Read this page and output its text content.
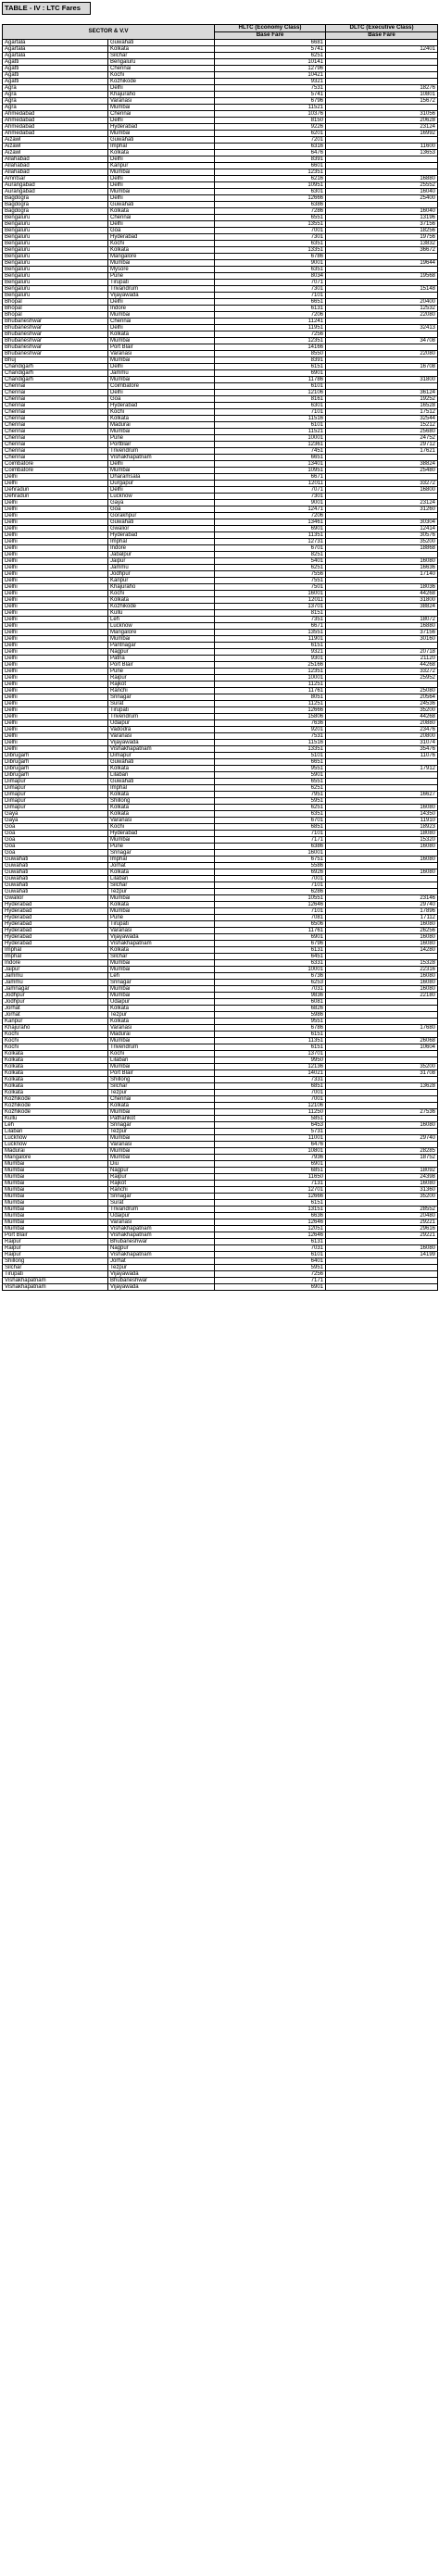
TABLE - IV : LTC Fares
SECTOR & V.V		HLTC (Economy Class)	DLTC (Executive Class)
		Base Fare	Base Fare
Agartala	Guwahati	6681	
Agartala	Kolkata	5741	12401
Agartala	Silchar	6251	
Agatti	Bengaluru	10141	
Agatti	Chennai	12796	
Agatti	Kochi	10421	
Agatti	Kozhikode	9321	
Agra	Delhi	7531	18276
Agra	Khajuraho	5741	10801
Agra	Varanasi	6796	15672
Agra	Mumbai	11521	
Ahmedabad	Chennai	10376	31056
Ahmedabad	Delhi	8150	20628
Ahmedabad	Hyderabad	9226	23124
Ahmedabad	Mumbai	6201	16992
Aizawl	Guwahati	7201	
Aizawl	Imphal	6316	11600
Aizawl	Kolkata	6476	13653
Allahabad	Delhi	8391	
Allahabad	Kanpur	6601	
Allahabad	Mumbai	12351	
Amritsar	Delhi	6216	16880
Aurangabad	Delhi	10951	25552
Aurangabad	Mumbai	6301	16040
Bagdogra	Delhi	12666	25400
Bagdogra	Guwahati	6386	
Bagdogra	Kolkata	7286	16040
Bengaluru	Chennai	6551	13196
Bengaluru	Delhi	13551	37156
Bengaluru	Goa	7001	18256
Bengaluru	Hyderabad	7301	19756
Bengaluru	Kochi	6351	13832
Bengaluru	Kolkata	13351	36672
Bengaluru	Mangalore	6786	
Bengaluru	Mumbai	9001	19644
Bengaluru	Mysore	6351	
Bengaluru	Pune	8034	19568
Bengaluru	Tirupati	7071	
Bengaluru	Trivandrum	7301	15148
Bengaluru	Vijayawada	7101	
Bhopal	Delhi	6651	20400
Bhopal	Indore	6131	12532
Bhopal	Mumbai	7206	22080
Bhubaneshwar	Chennai	11241	
Bhubaneshwar	Delhi	11951	32413
Bhubaneshwar	Kolkata	7256	
Bhubaneshwar	Mumbai	12351	34708
Bhubaneshwar	Port Blair	14166	
Bhubaneshwar	Varanasi	8550	22080
Bhuj	Mumbai	8391	
Chandigarh	Delhi	6151	16708
Chandigarh	Jammu	6901	
Chandigarh	Mumbai	11786	31800
Chennai	Coimbatore	6101	
Chennai	Delhi	12106	36124
Chennai	Goa	8161	19252
Chennai	Hyderabad	6301	16528
Chennai	Kochi	7101	17512
Chennai	Kolkata	11516	32544
Chennai	Madurai	6101	15212
Chennai	Mumbai	11521	25680
Chennai	Pune	10001	24752
Chennai	Portblair	12361	29712
Chennai	Trivendrum	7451	17621
Chennai	Vishakhapatnam	6651	
Coimbatore	Delhi	13401	38824
Coimbatore	Mumbai	10951	25480
Delhi	Dharamsala	6671	
Delhi	Durgapur	12011	33272
Dehradun	Delhi	7071	16800
Dehradun	Lucknow	7301	
Delhi	Gaya	9001	23124
Delhi	Goa	12471	31260
Delhi	Gorakhpur	7206	
Delhi	Guwahati	13461	30304
Delhi	Gwalior	6901	12414
Delhi	Hyderabad	11351	30576
Delhi	Imphal	12731	35200
Delhi	Indore	6701	18868
Delhi	Jabalpur	8251	
Delhi	Jaipur	5401	16080
Delhi	Jammu	6251	16636
Delhi	Jodhpur	7556	17140
Delhi	Kanpur	7551	
Delhi	Khajuraho	7501	18036
Delhi	Kochi	16001	44268
Delhi	Kolkata	12011	31800
Delhi	Kozhikode	13701	38824
Delhi	Kullu	8151	
Delhi	Leh	7351	18072
Delhi	Lucknow	6671	16880
Delhi	Mangalore	13551	37156
Delhi	Mumbai	11901	30160
Delhi	Pantnagar	6151	
Delhi	Nagpur	9321	20718
Delhi	Patna	9301	21120
Delhi	Port Blair	25166	44268
Delhi	Pune	12351	33272
Delhi	Raipur	10001	25952
Delhi	Rajkot	11251	
Delhi	Ranchi	11761	25080
Delhi	Srinagar	8051	20564
Delhi	Surat	11251	24536
Delhi	Tirupati	12666	35200
Delhi	Trivendrum	15806	44268
Delhi	Udaipur	7636	20880
Delhi	Vadodra	9201	23476
Delhi	Varanasi	7531	20800
Delhi	Vijayawada	11516	31074
Delhi	Vishakhapatnam	13351	35476
Dibrugarh	Dimapur	5101	11076
Dibrugarh	Guwahati	6651	
Dibrugarh	Kolkata	9551	17912
Dibrugarh	Lilabari	5901	
Dimapur	Guwahati	6551	
Dimapur	Imphal	6251	
Dimapur	Kolkata	7951	16627
Dimapur	Shillong	5951	
Dimapur	Kolkata	6251	16080
Gaya	Kolkata	6351	14350
Gaya	Varanasi	6701	11910
Goa	Kochi	6851	18923
Goa	Hyderabad	7101	18080
Goa	Mumbai	7171	15320
Goa	Pune	6386	16080
Goa	Srinagar	16001	
Guwahati	Imphal	6751	16080
Guwahati	Jorhat	5586	
Guwahati	Kolkata	6926	16080
Guwahati	Lilabari	7001	
Guwahati	Silchar	7101	
Guwahati	Tezpur	6286	
Gwalior	Mumbai	10551	23146
Hyderabad	Kolkata	12646	29740
Hyderabad	Mumbai	7101	17896
Hyderabad	Pune	7081	17112
Hyderabad	Tirupati	6506	16080
Hyderabad	Varanasi	11761	26256
Hyderabad	Vijayawada	6901	16080
Hyderabad	Vishakhapatnam	6796	16080
Imphal	Kolkata	6131	14280
Imphal	Silchar	6451	
Indore	Mumbai	6331	15328
Jaipur	Mumbai	10001	22316
Jammu	Leh	6736	16080
Jammu	Srinagar	6253	16080
Jamnagar	Mumbai	7031	16080
Jodhpur	Mumbai	9836	22180
Jodhpur	Udaipur	6081	
Jorhat	Kolkata	6826	
Jorhat	Tezpur	5986	
Kanpur	Kolkata	9551	
Khajuraho	Varanasi	6786	17680
Kochi	Madurai	6151	
Kochi	Mumbai	11351	26068
Kochi	Trivendrum	6151	10604
Kolkata	Kochi	13701	
Kolkata	Lilabari	9950	
Kolkata	Mumbai	12136	35200
Kolkata	Port Blair	14021	31708
Kolkata	Shillong	7331	
Kolkata	Silchar	6851	13628
Kolkata	Tezpur	7001	
Kozhikode	Chennai	7001	
Kozhikode	Kolkata	12106	
Kozhikode	Mumbai	11250	27536
Kullu	Pathankot	5851	
Leh	Srinagar	6453	16080
Lilabari	Tezpur	5731	
Lucknow	Mumbai	11001	29740
Lucknow	Varanasi	6476	
Madurai	Mumbai	10801	28285
Mangalore	Mumbai	7936	18752
Mumbai	Diu	6901	
Mumbai	Nagpur	6851	18092
Mumbai	Raipur	11650	24398
Mumbai	Rajkot	7131	16080
Mumbai	Ranchi	12701	31360
Mumbai	Srinagar	12666	35200
Mumbai	Surat	6151	
Mumbai	Trivandrum	13151	28552
Mumbai	Udaipur	6636	20480
Mumbai	Varanasi	12646	29221
Mumbai	Vishakhapatnam	12051	29616
Port Blair	Vishakhapatnam	12646	29221
Raipur	Bhubaneshwar	6131	
Raipur	Nagpur	7031	16080
Raipur	Vishakhapatnam	6101	14199
Shillong	Jorhat	6401	
Silchar	Tezpur	5951	
Tirupati	Vijayawada	7256	
Vishakhapatnam	Bhubaneshwar	7171	
Vishakhapatnam	Vijayawada	6901	
